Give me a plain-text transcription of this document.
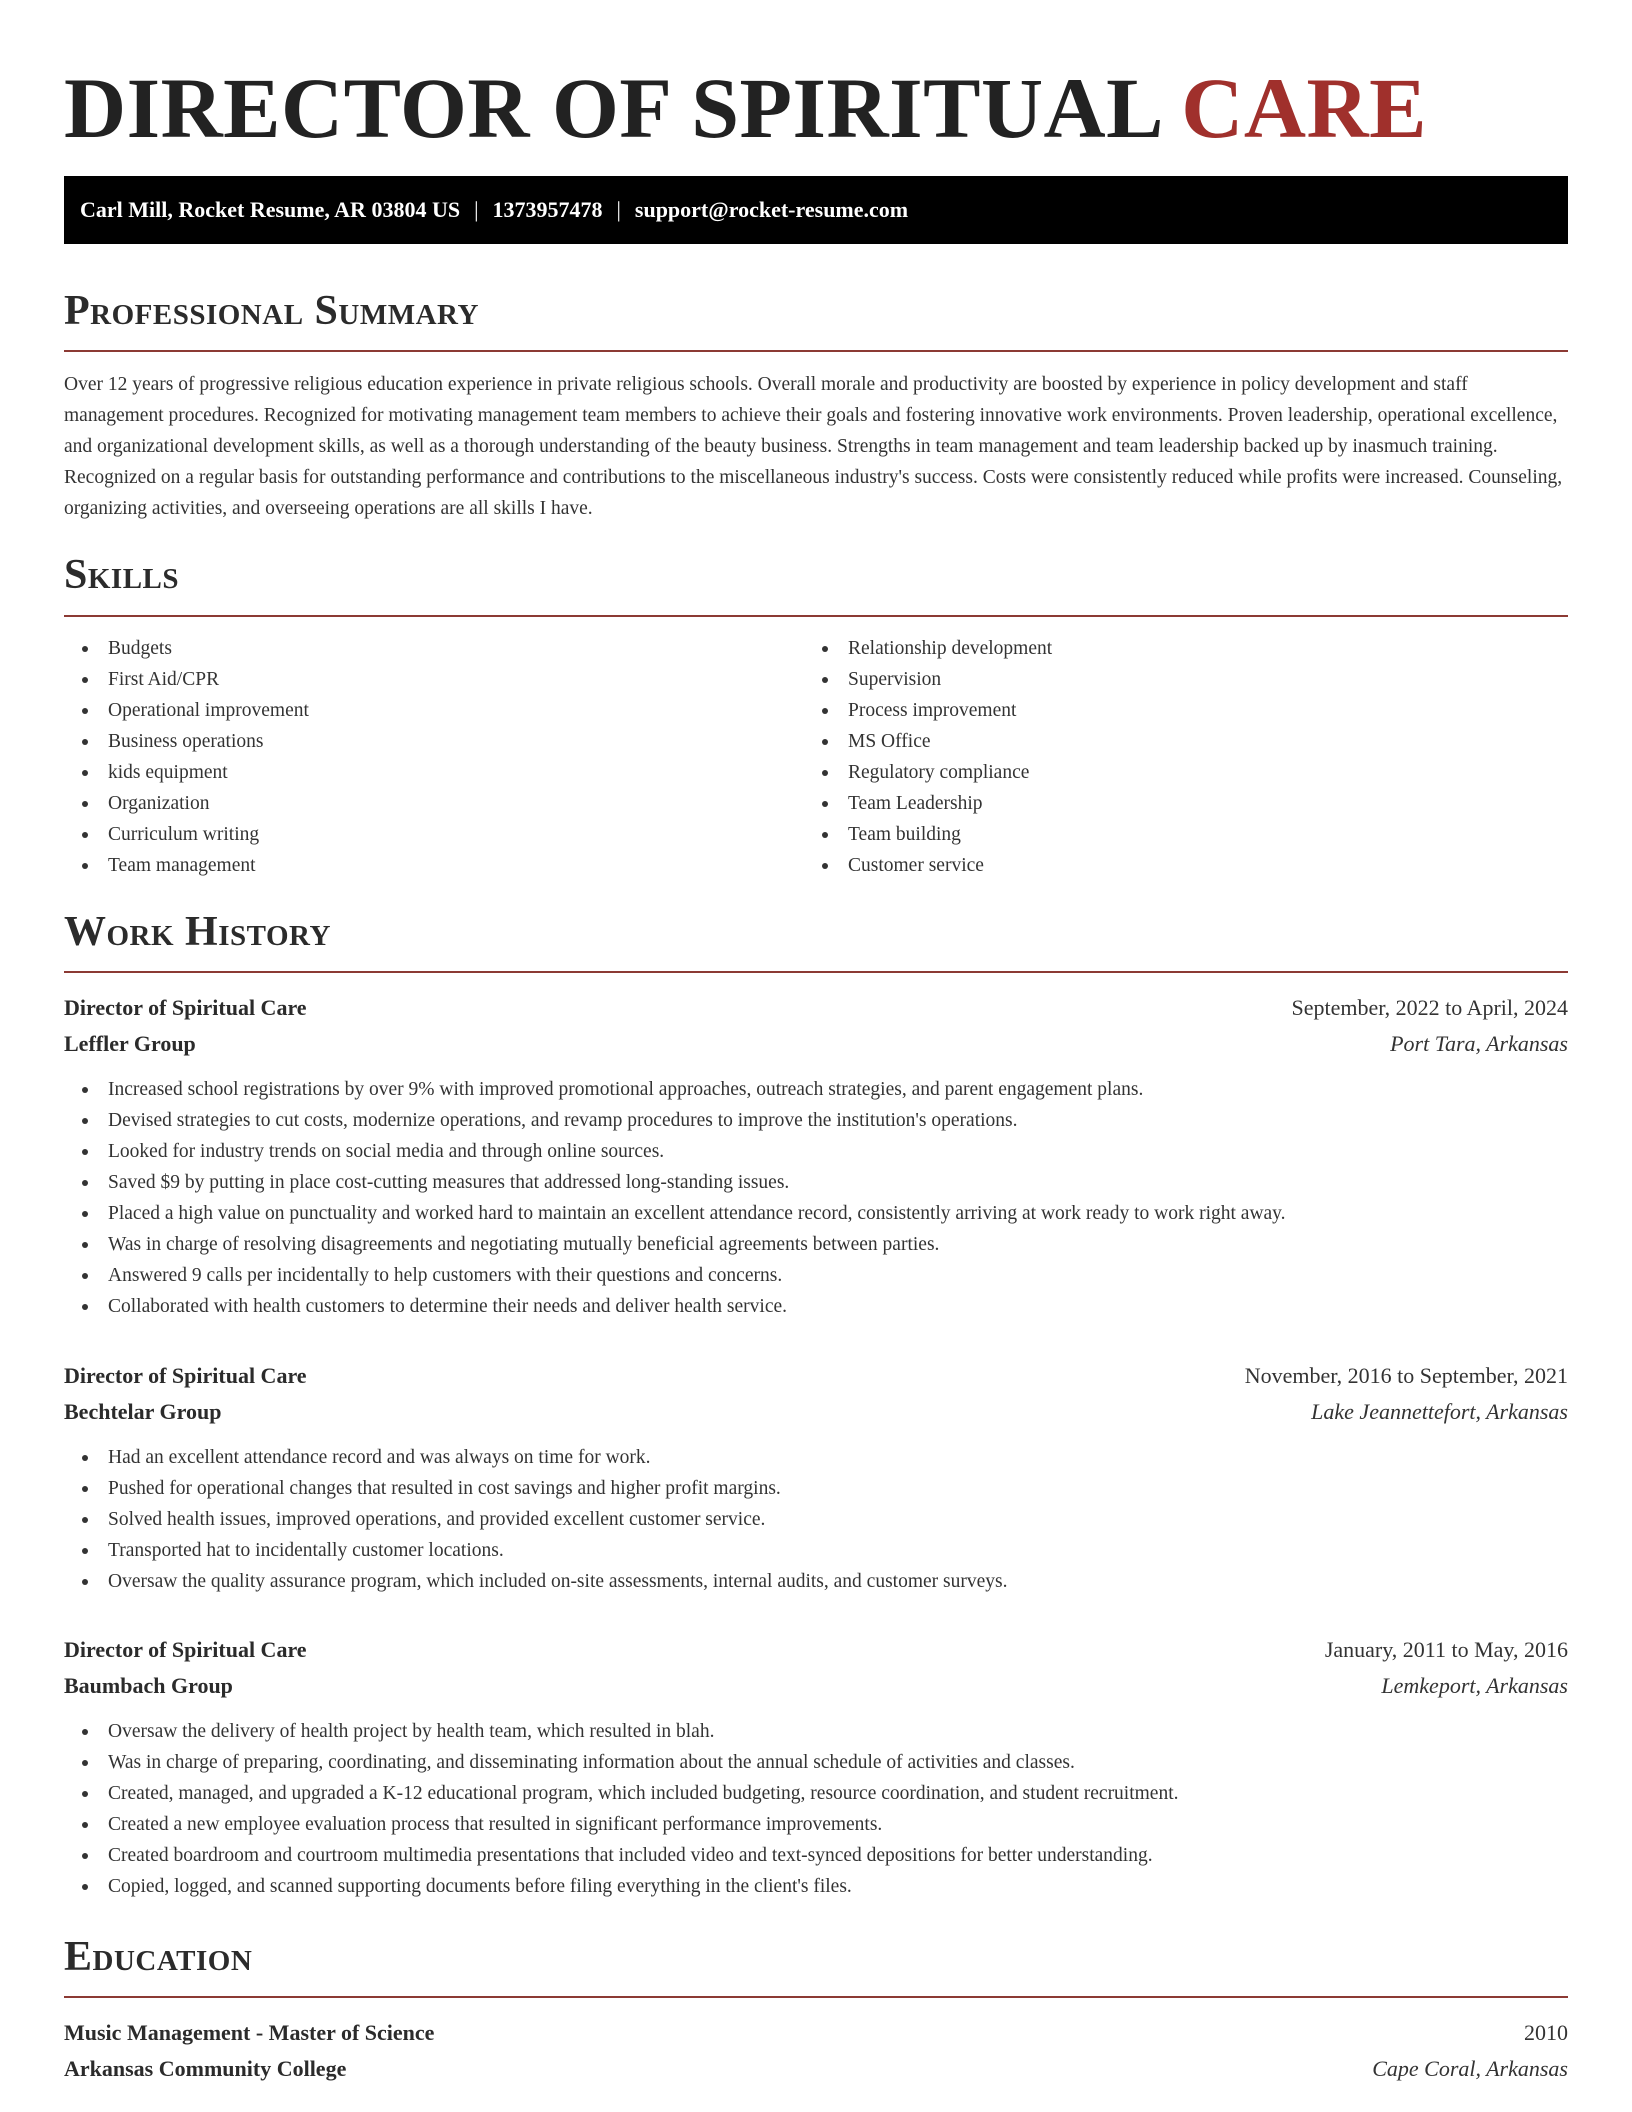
DIRECTOR OF SPIRITUAL CARE
Carl Mill, Rocket Resume, AR 03804 US | 1373957478 | support@rocket-resume.com
Professional Summary

Over 12 years of progressive religious education experience in private religious schools. Overall morale and productivity are boosted by experience in policy development and staff management procedures. Recognized for motivating management team members to achieve their goals and fostering innovative work environments. Proven leadership, operational excellence, and organizational development skills, as well as a thorough understanding of the beauty business. Strengths in team management and team leadership backed up by inasmuch training. Recognized on a regular basis for outstanding performance and contributions to the miscellaneous industry's success. Costs were consistently reduced while profits were increased. Counseling, organizing activities, and overseeing operations are all skills I have.

Skills
Budgets
First Aid/CPR
Operational improvement
Business operations
kids equipment
Organization
Curriculum writing
Team management
Relationship development
Supervision
Process improvement
MS Office
Regulatory compliance
Team Leadership
Team building
Customer service
Work History
Director of Spiritual Care	September, 2022 to April, 2024
Leffler Group	Port Tara, Arkansas
Increased school registrations by over 9% with improved promotional approaches, outreach strategies, and parent engagement plans.
Devised strategies to cut costs, modernize operations, and revamp procedures to improve the institution's operations.
Looked for industry trends on social media and through online sources.
Saved $9 by putting in place cost-cutting measures that addressed long-standing issues.
Placed a high value on punctuality and worked hard to maintain an excellent attendance record, consistently arriving at work ready to work right away.
Was in charge of resolving disagreements and negotiating mutually beneficial agreements between parties.
Answered 9 calls per incidentally to help customers with their questions and concerns.
Collaborated with health customers to determine their needs and deliver health service.
Director of Spiritual Care	November, 2016 to September, 2021
Bechtelar Group	Lake Jeannettefort, Arkansas
Had an excellent attendance record and was always on time for work.
Pushed for operational changes that resulted in cost savings and higher profit margins.
Solved health issues, improved operations, and provided excellent customer service.
Transported hat to incidentally customer locations.
Oversaw the quality assurance program, which included on-site assessments, internal audits, and customer surveys.
Director of Spiritual Care	January, 2011 to May, 2016
Baumbach Group	Lemkeport, Arkansas
Oversaw the delivery of health project by health team, which resulted in blah.
Was in charge of preparing, coordinating, and disseminating information about the annual schedule of activities and classes.
Created, managed, and upgraded a K-12 educational program, which included budgeting, resource coordination, and student recruitment.
Created a new employee evaluation process that resulted in significant performance improvements.
Created boardroom and courtroom multimedia presentations that included video and text-synced depositions for better understanding.
Copied, logged, and scanned supporting documents before filing everything in the client's files.
Education
Music Management - Master of Science	2010
Arkansas Community College	Cape Coral, Arkansas
